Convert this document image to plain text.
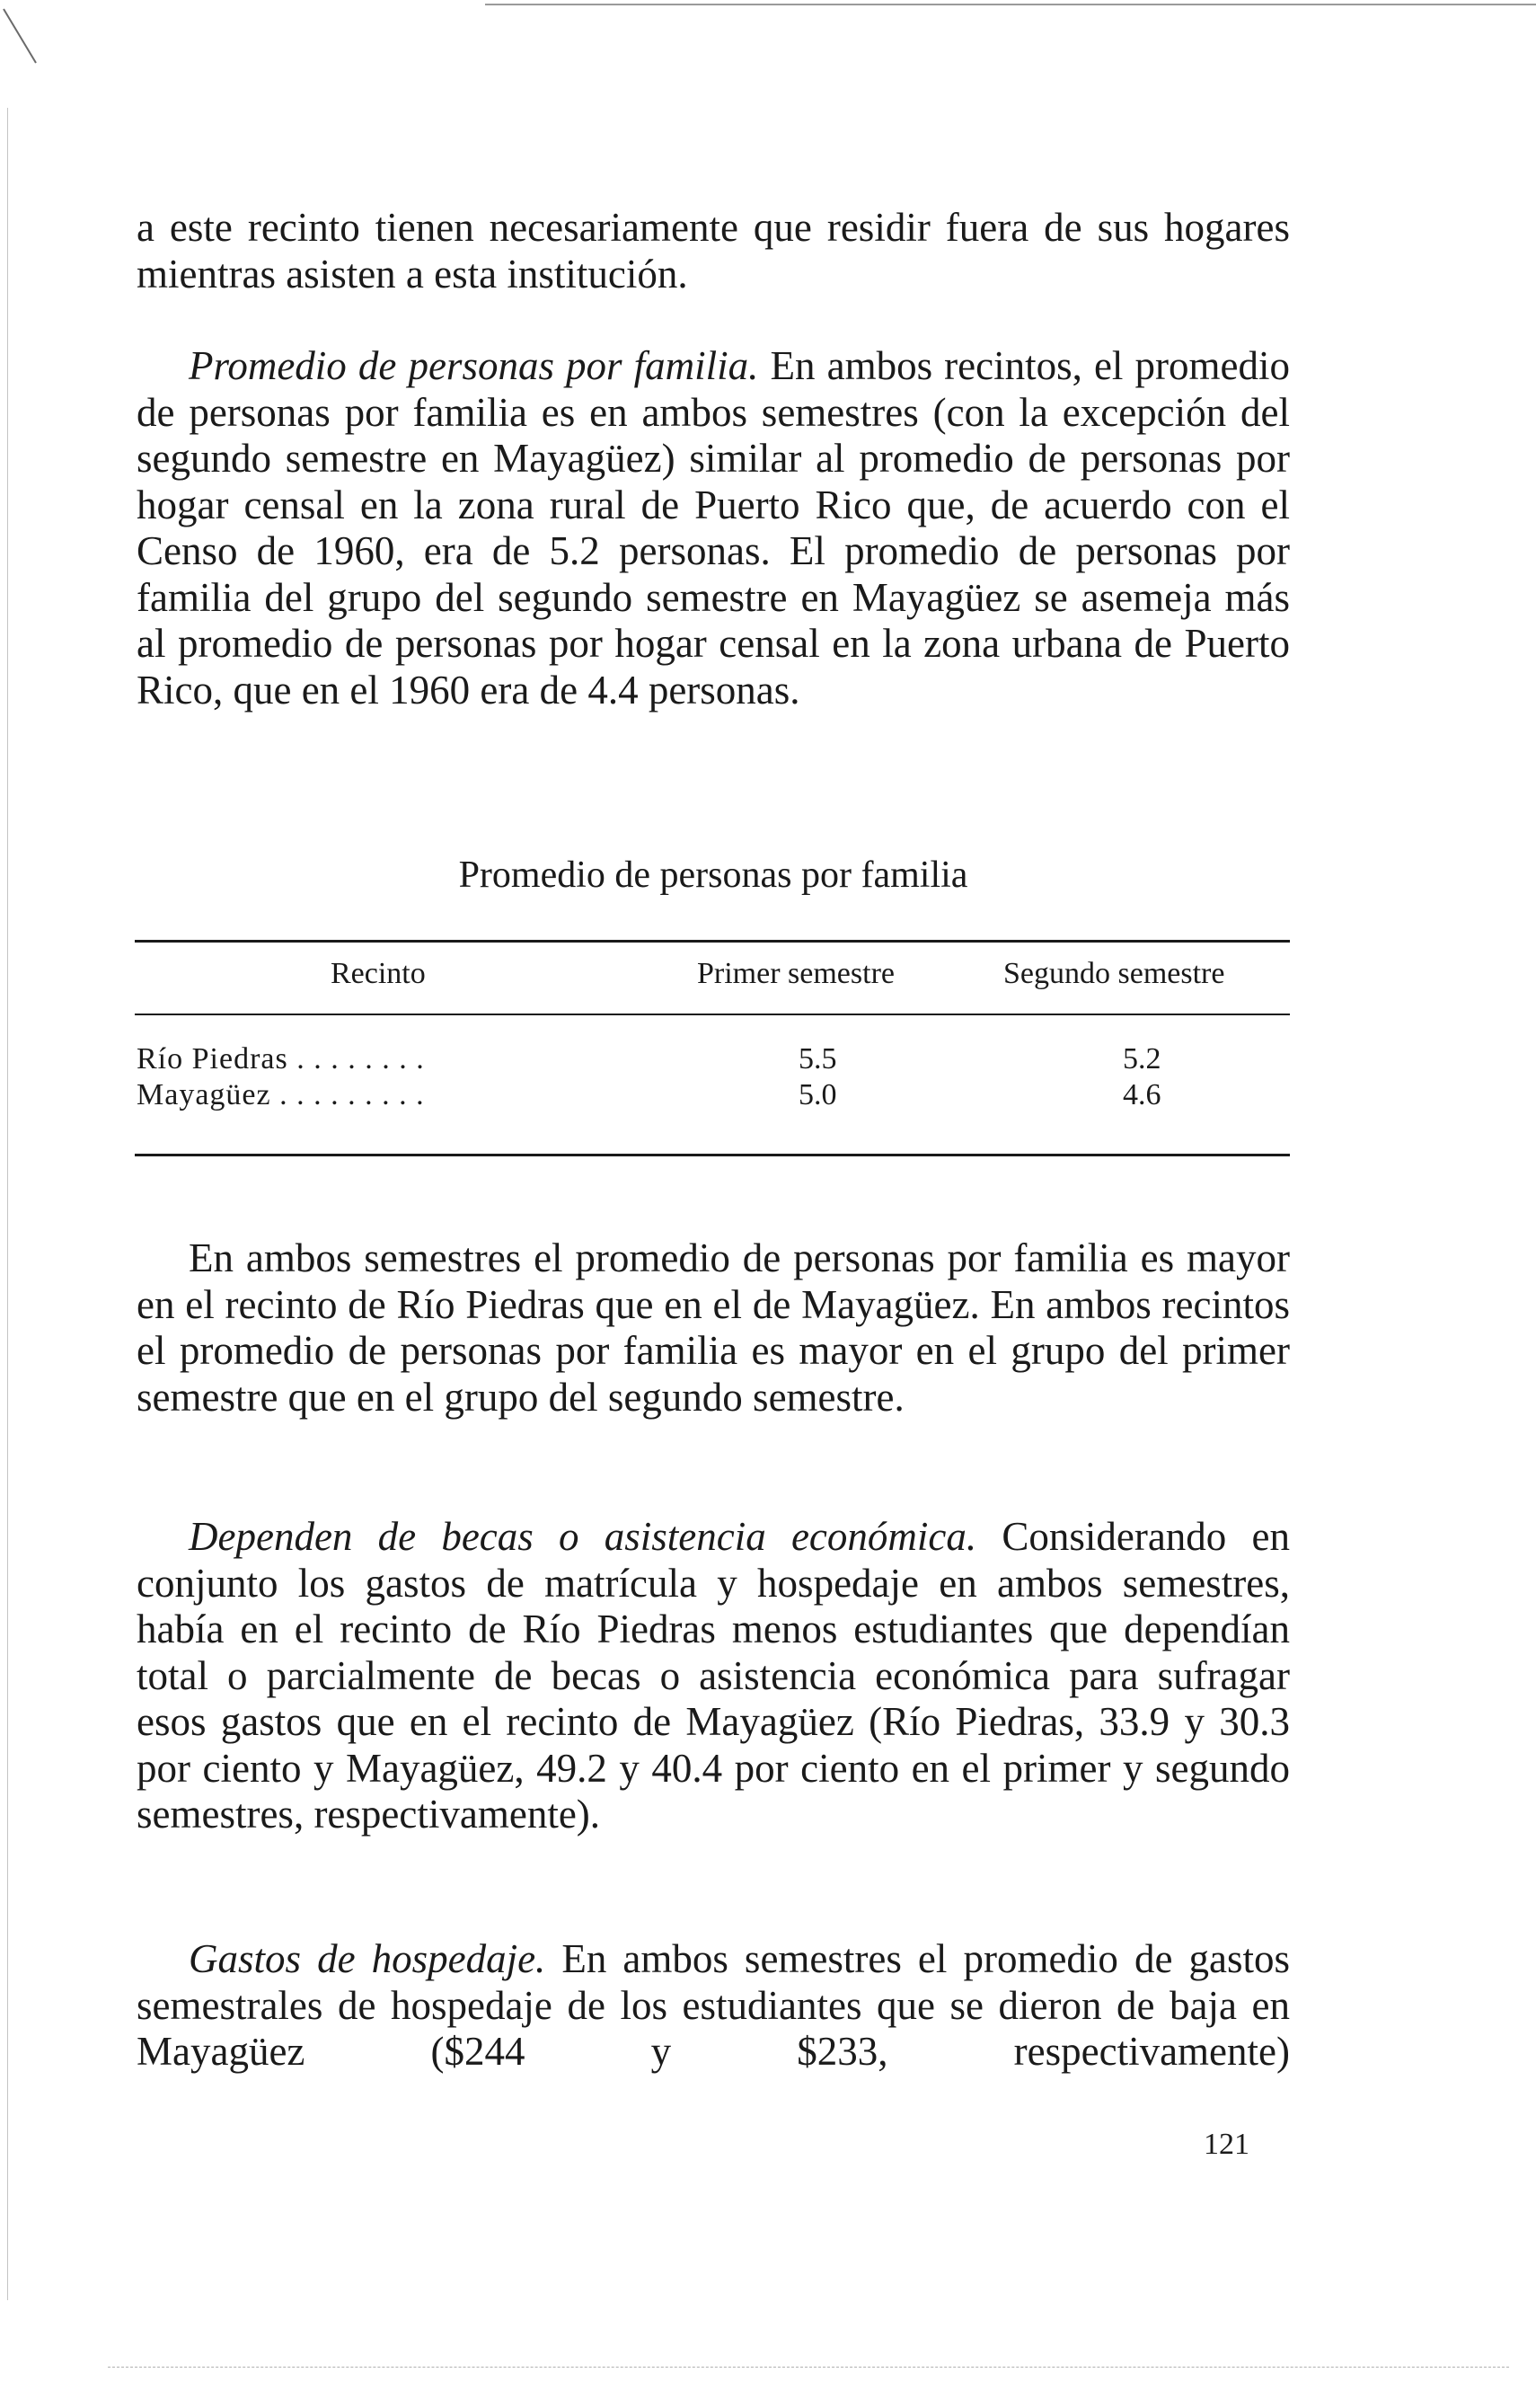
a este recinto tienen necesariamente que residir fuera de sus hogares mientras asisten a esta institución.

Promedio de personas por familia. En ambos recintos, el promedio de personas por familia es en ambos semestres (con la excepción del segundo semestre en Mayagüez) similar al promedio de personas por hogar censal en la zona rural de Puerto Rico que, de acuerdo con el Censo de 1960, era de 5.2 personas. El promedio de personas por familia del grupo del segundo semestre en Mayagüez se asemeja más al promedio de personas por hogar censal en la zona urbana de Puerto Rico, que en el 1960 era de 4.4 personas.

Promedio de personas por familia

Recinto	Primer semestre	Segundo semestre

Río Piedras . . . . . . . .	5.5	5.2

Mayagüez . . . . . . . . .	5.0	4.6

En ambos semestres el promedio de personas por familia es mayor en el recinto de Río Piedras que en el de Mayagüez. En ambos recintos el promedio de personas por familia es mayor en el grupo del primer semestre que en el grupo del segundo semestre.

Dependen de becas o asistencia económica. Considerando en conjunto los gastos de matrícula y hospedaje en ambos semestres, había en el recinto de Río Piedras menos estudiantes que dependían total o parcialmente de becas o asistencia económica para sufragar esos gastos que en el recinto de Mayagüez (Río Piedras, 33.9 y 30.3 por ciento y Mayagüez, 49.2 y 40.4 por ciento en el primer y segundo semestres, respectivamente).

Gastos de hospedaje. En ambos semestres el promedio de gastos semestrales de hospedaje de los estudiantes que se dieron de baja en Mayagüez ($244 y $233, respectivamente)

121
